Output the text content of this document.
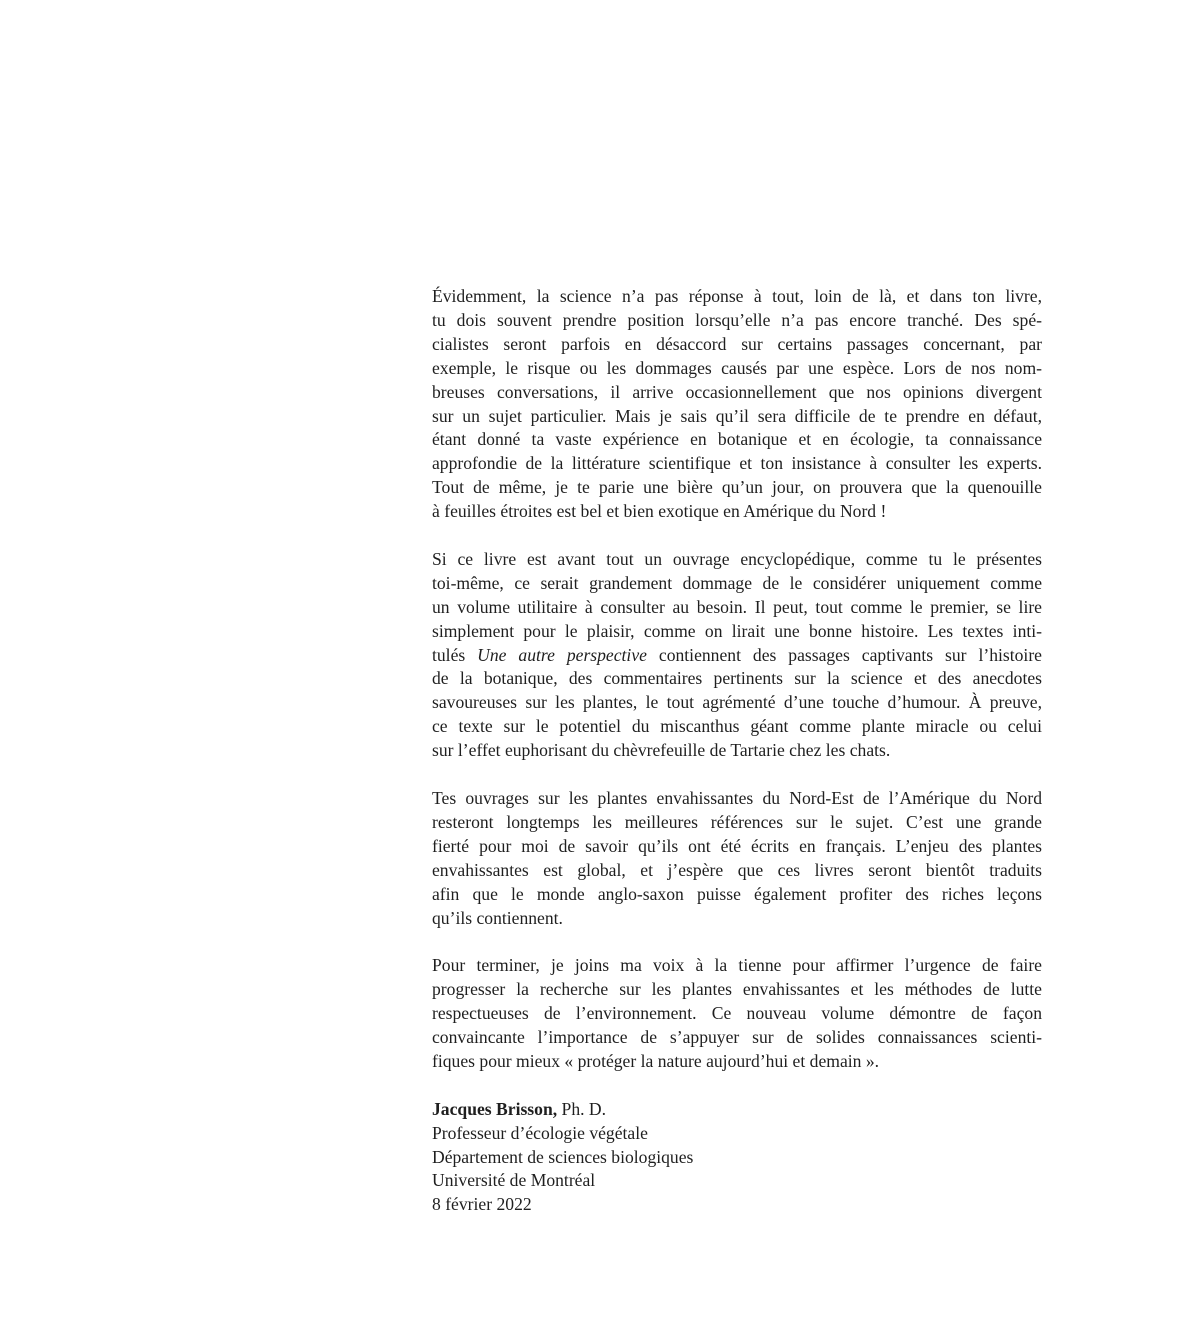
Évidemment, la science n’a pas réponse à tout, loin de là, et dans ton livre,
tu dois souvent prendre position lorsqu’elle n’a pas encore tranché. Des spé-
cialistes seront parfois en désaccord sur certains passages concernant, par
exemple, le risque ou les dommages causés par une espèce. Lors de nos nom-
breuses conversations, il arrive occasionnellement que nos opinions divergent
sur un sujet particulier. Mais je sais qu’il sera difficile de te prendre en défaut,
étant donné ta vaste expérience en botanique et en écologie, ta connaissance
approfondie de la littérature scientifique et ton insistance à consulter les experts.
Tout de même, je te parie une bière qu’un jour, on prouvera que la quenouille
à feuilles étroites est bel et bien exotique en Amérique du Nord !

Si ce livre est avant tout un ouvrage encyclopédique, comme tu le présentes
toi-même, ce serait grandement dommage de le considérer uniquement comme
un volume utilitaire à consulter au besoin. Il peut, tout comme le premier, se lire
simplement pour le plaisir, comme on lirait une bonne histoire. Les textes inti-
tulés Une autre perspective contiennent des passages captivants sur l’histoire
de la botanique, des commentaires pertinents sur la science et des anecdotes
savoureuses sur les plantes, le tout agrémenté d’une touche d’humour. À preuve,
ce texte sur le potentiel du miscanthus géant comme plante miracle ou celui
sur l’effet euphorisant du chèvrefeuille de Tartarie chez les chats.

Tes ouvrages sur les plantes envahissantes du Nord-Est de l’Amérique du Nord
resteront longtemps les meilleures références sur le sujet. C’est une grande
fierté pour moi de savoir qu’ils ont été écrits en français. L’enjeu des plantes
envahissantes est global, et j’espère que ces livres seront bientôt traduits
afin que le monde anglo-saxon puisse également profiter des riches leçons
qu’ils contiennent.

Pour terminer, je joins ma voix à la tienne pour affirmer l’urgence de faire
progresser la recherche sur les plantes envahissantes et les méthodes de lutte
respectueuses de l’environnement. Ce nouveau volume démontre de façon
convaincante l’importance de s’appuyer sur de solides connaissances scienti-
fiques pour mieux « protéger la nature aujourd’hui et demain ».

Jacques Brisson, Ph. D.
Professeur d’écologie végétale
Département de sciences biologiques
Université de Montréal
8 février 2022
